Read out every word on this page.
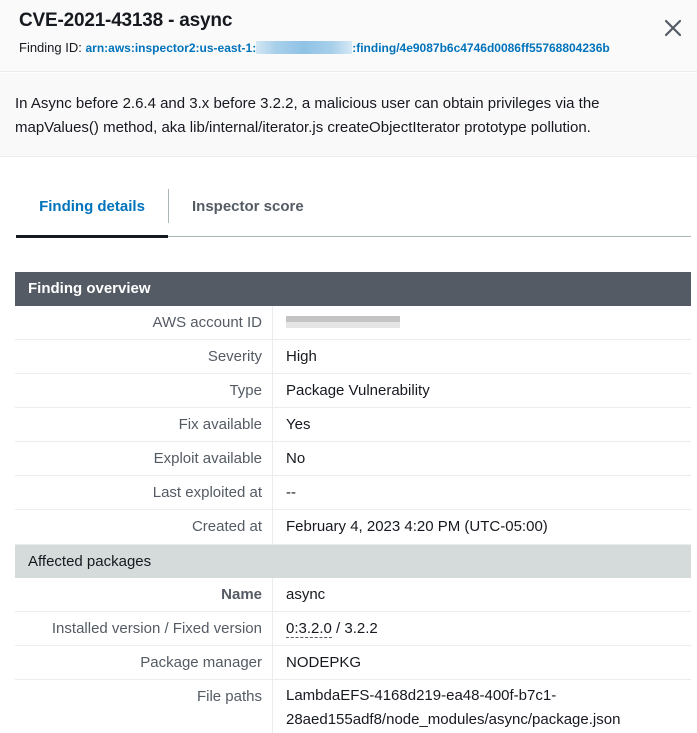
CVE-2021-43138 - async
Finding ID: arn:aws:inspector2:us-east-1:	:finding/4e9087b6c4746d0086ff55768804236b

In Async before 2.6.4 and 3.x before 3.2.2, a malicious user can obtain privileges via the mapValues() method, aka lib/internal/iterator.js createObjectIterator prototype pollution.

Finding details	Inspector score
Finding overview
AWS account ID
Severity	High
Type	Package Vulnerability
Fix available	Yes
Exploit available	No
Last exploited at	--
Created at	February 4, 2023 4:20 PM (UTC-05:00)
Affected packages
Name	async
Installed version / Fixed version	0:3.2.0 / 3.2.2
Package manager	NODEPKG
File paths	LambdaEFS-4168d219-ea48-400f-b7c1-
28aed155adf8/node_modules/async/package.json
